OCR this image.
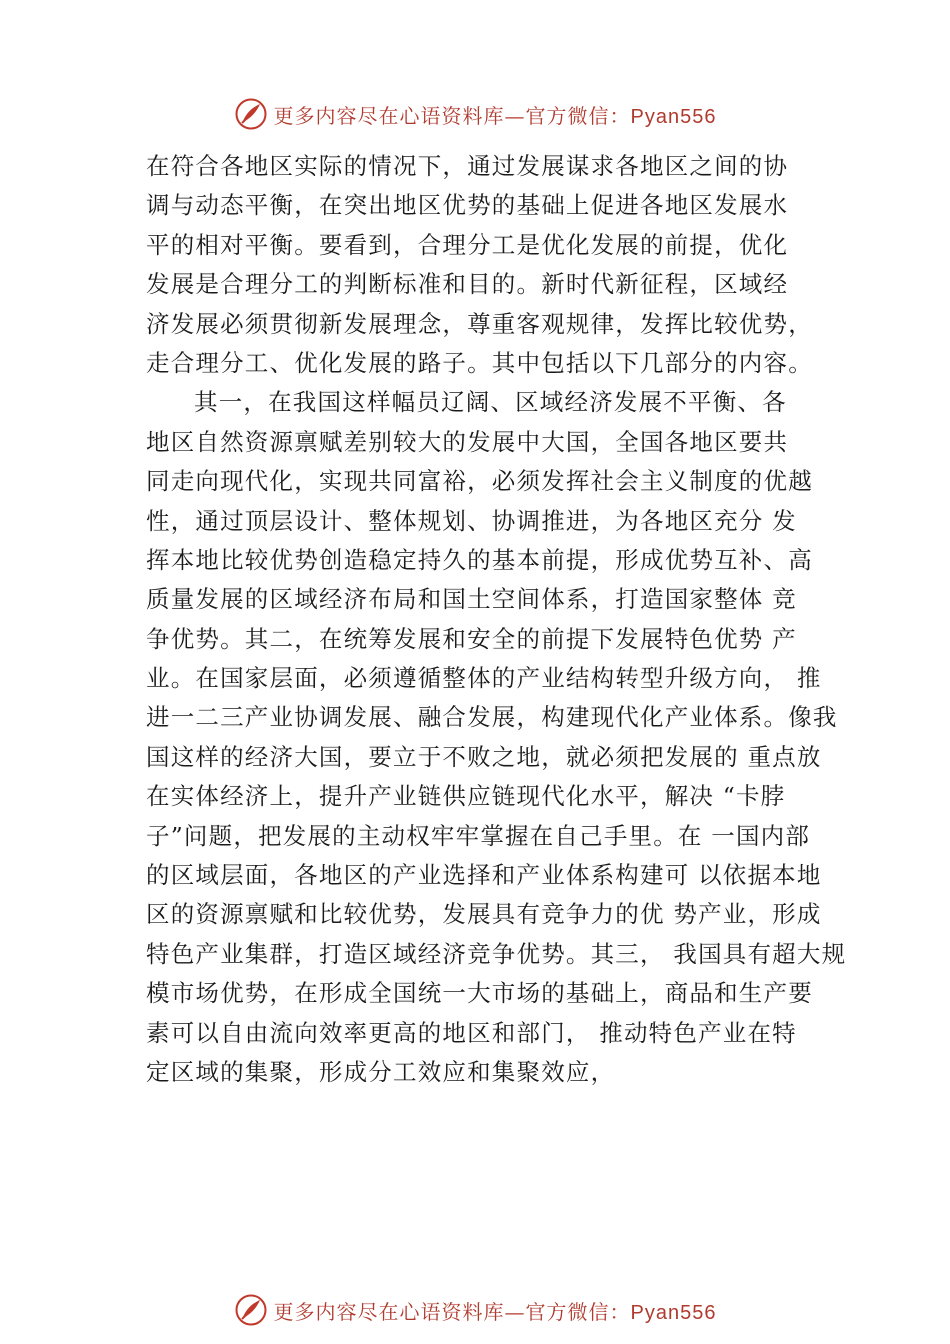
更多内容尽在心语资料库—官方微信：Pyan556
在符合各地区实际的情况下，通过发展谋求各地区之间的协
调与动态平衡，在突出地区优势的基础上促进各地区发展水
平的相对平衡。要看到，合理分工是优化发展的前提，优化
发展是合理分工的判断标准和目的。新时代新征程，区域经
济发展必须贯彻新发展理念，尊重客观规律，发挥比较优势，
走合理分工、优化发展的路子。其中包括以下几部分的内容。
其一，在我国这样幅员辽阔、区域经济发展不平衡、各
地区自然资源禀赋差别较大的发展中大国，全国各地区要共
同走向现代化，实现共同富裕，必须发挥社会主义制度的优越
性，通过顶层设计、整体规划、协调推进，为各地区充分 发
挥本地比较优势创造稳定持久的基本前提，形成优势互补、高
质量发展的区域经济布局和国土空间体系，打造国家整体 竞
争优势。其二，在统筹发展和安全的前提下发展特色优势 产
业。在国家层面，必须遵循整体的产业结构转型升级方向， 推
进一二三产业协调发展、融合发展，构建现代化产业体系。像我
国这样的经济大国，要立于不败之地，就必须把发展的 重点放
在实体经济上，提升产业链供应链现代化水平，解决 “卡脖
子”问题，把发展的主动权牢牢掌握在自己手里。在 一国内部
的区域层面，各地区的产业选择和产业体系构建可 以依据本地
区的资源禀赋和比较优势，发展具有竞争力的优 势产业，形成
特色产业集群，打造区域经济竞争优势。其三， 我国具有超大规
模市场优势，在形成全国统一大市场的基础上，商品和生产要
素可以自由流向效率更高的地区和部门， 推动特色产业在特
定区域的集聚，形成分工效应和集聚效应，
更多内容尽在心语资料库—官方微信：Pyan556
